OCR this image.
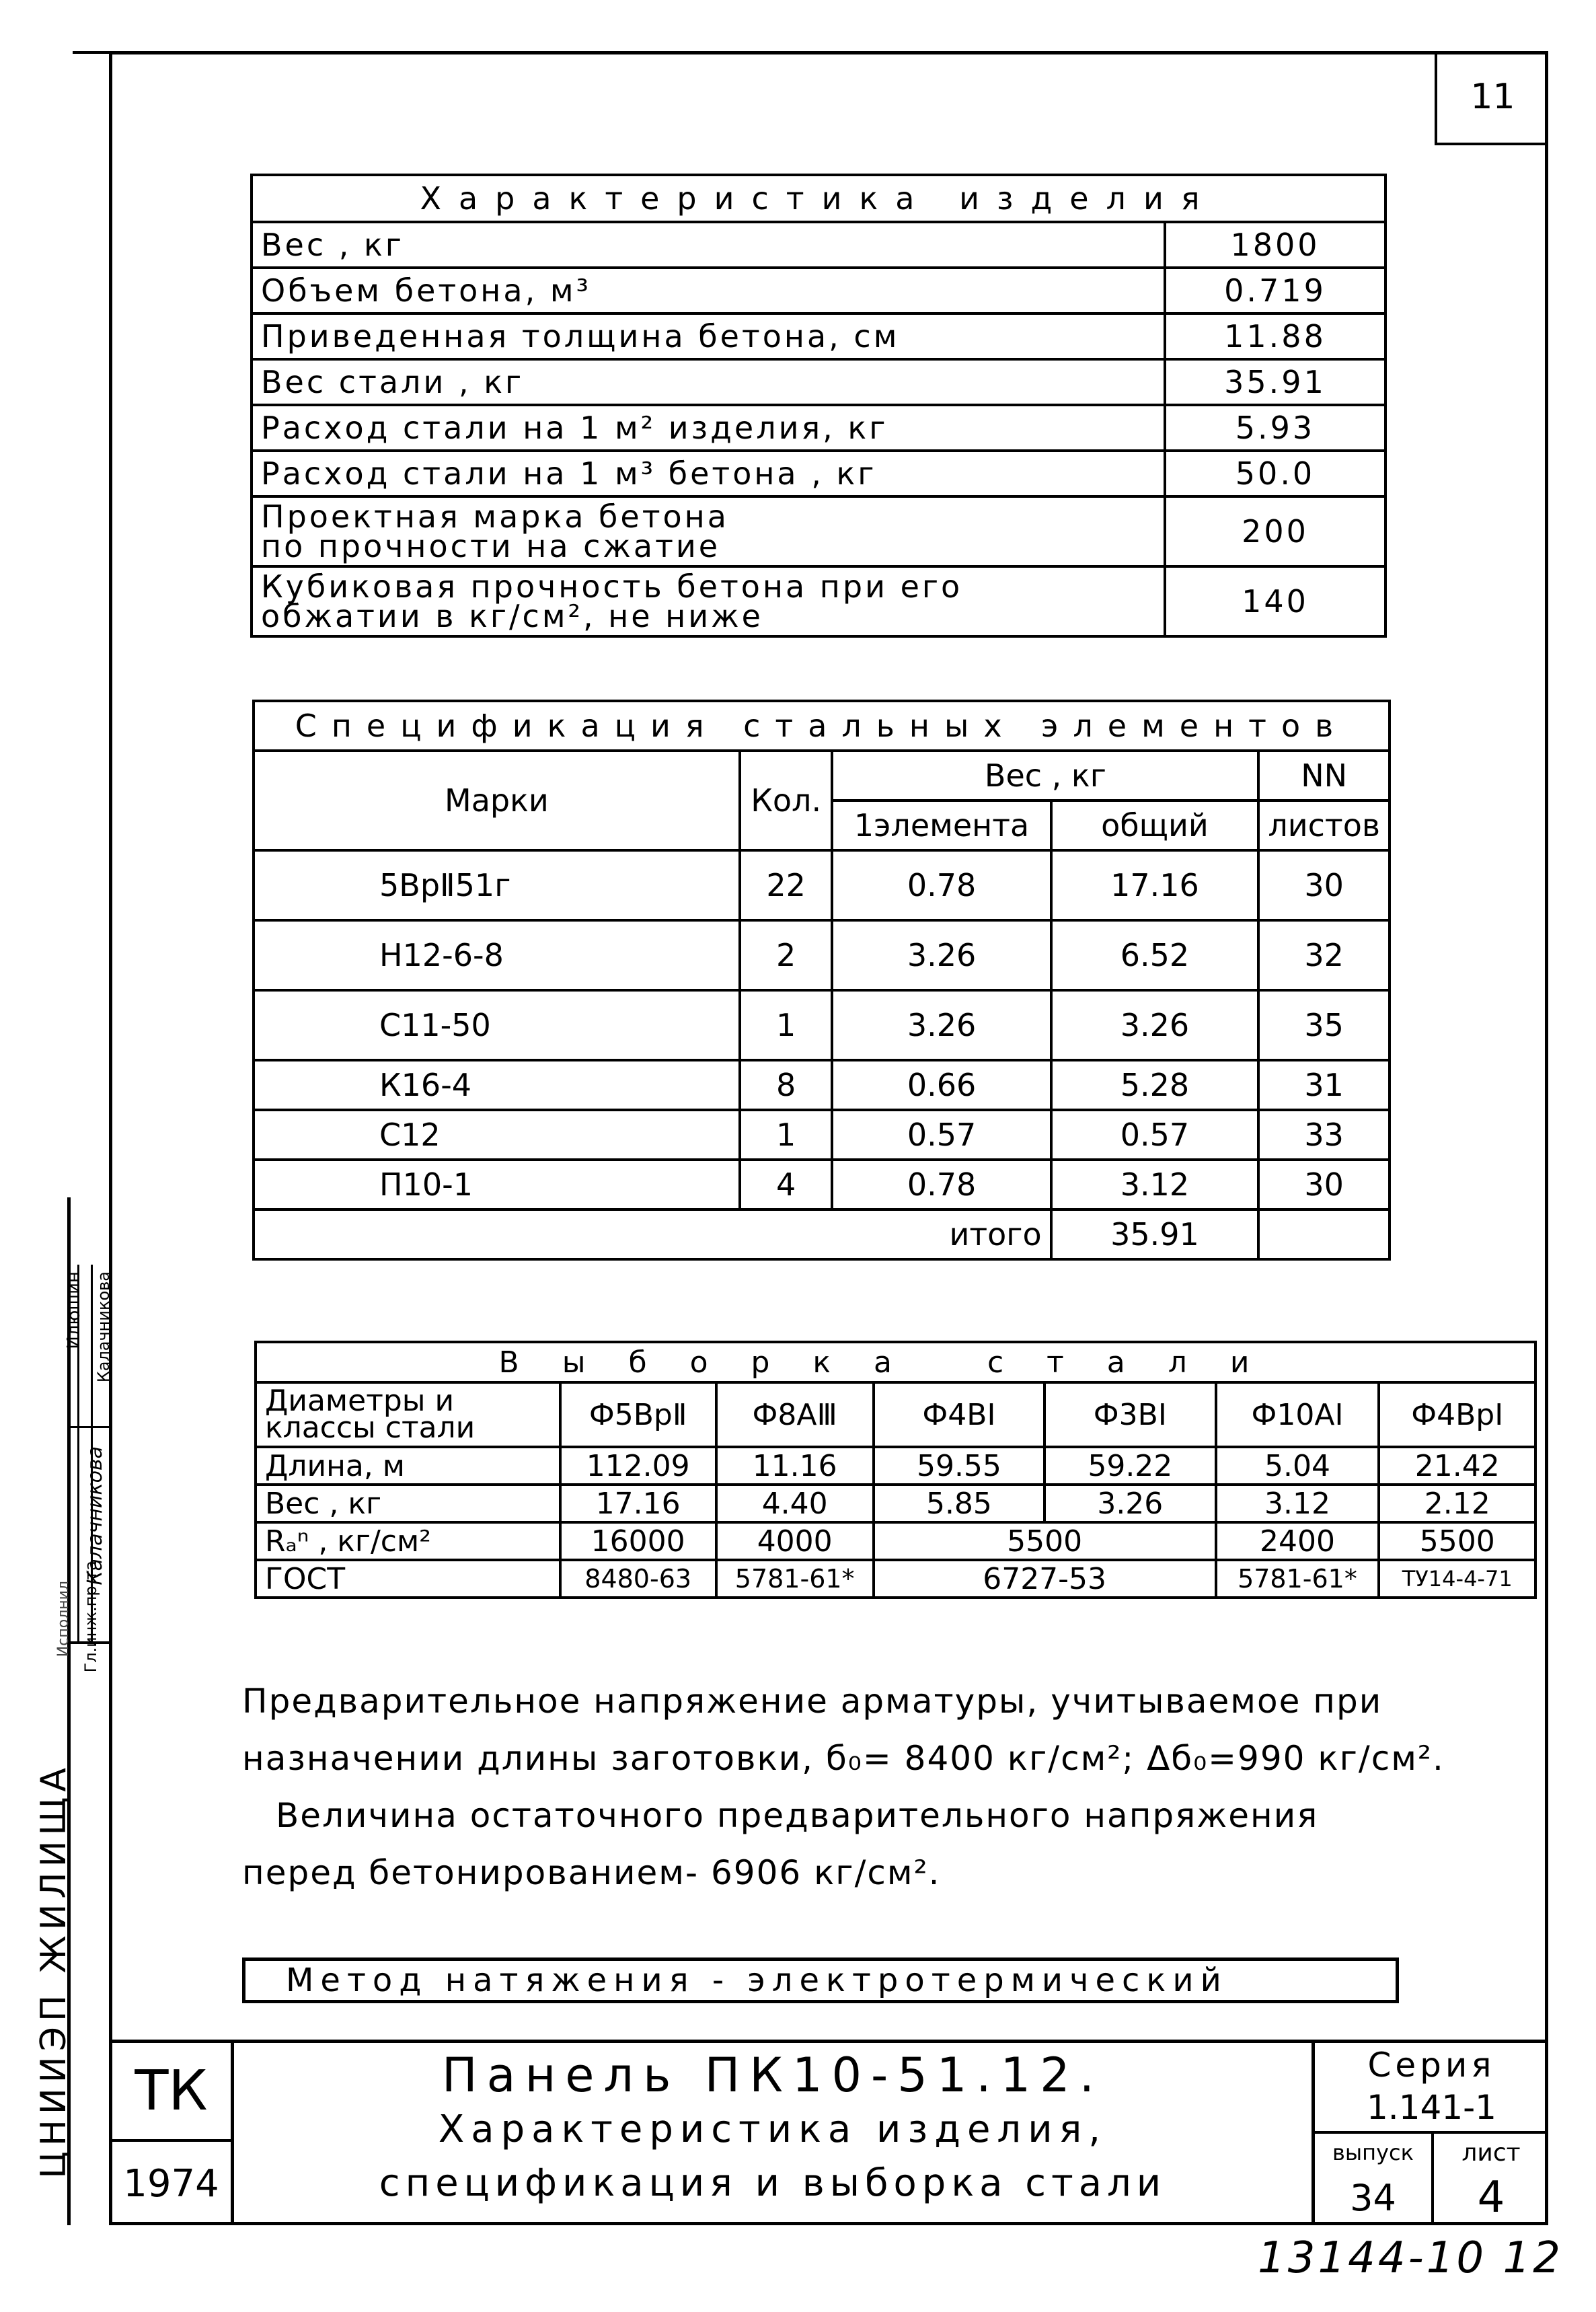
11
Характеристика изделия	
Вес , кг	1800
Объем бетона, м³	0.719
Приведенная толщина бетона, см	11.88
Вес стали , кг	35.91
Расход стали на 1 м² изделия, кг	5.93
Расход стали на 1 м³ бетона , кг	50.0
Проектная марка бетона
по прочности на сжатие	200
Кубиковая прочность бетона при его
обжатии в кг/см², не ниже	140
Спецификация стальных элементов				
Марки	Кол.	Вес , кг		NN
		1элемента	общий	листов
5ВрⅡ51г	22	0.78	17.16	30
Н12-6-8	2	3.26	6.52	32
С11-50	1	3.26	3.26	35
К16-4	8	0.66	5.28	31
С12	1	0.57	0.57	33
П10-1	4	0.78	3.12	30
		итого	35.91	
Выборка стали						
Диаметры и
классы стали	Ф5ВрⅡ	Ф8АⅢ	Ф4ВⅠ	Ф3ВⅠ	Ф10АⅠ	Ф4ВрⅠ
Длина, м	112.09	11.16	59.55	59.22	5.04	21.42
Вес , кг	17.16	4.40	5.85	3.26	3.12	2.12
Rₐⁿ , кг/см²	16000	4000	5500		2400	5500
ГОСТ	8480-63	5781-61*	6727-53		5781-61*	ТУ14-4-71
Предварительное напряжение арматуры, учитываемое при
назначении длины заготовки, б₀= 8400 кг/см²; Δб₀=990 кг/см².
Величина остаточного предварительного напряжения
перед бетонированием- 6906 кг/см².
Метод натяжения - электротермический
ТК
1974
Панель ПК10-51.12.
Характеристика изделия,
спецификация и выборка стали
Серия
1.141-1
выпуск
34
лист
4
ЦНИИЭП ЖИЛИЩА
Гл.инж.пр-та
Исполнил
Илюшин Калачникова
Калачникова
13144-10 12
